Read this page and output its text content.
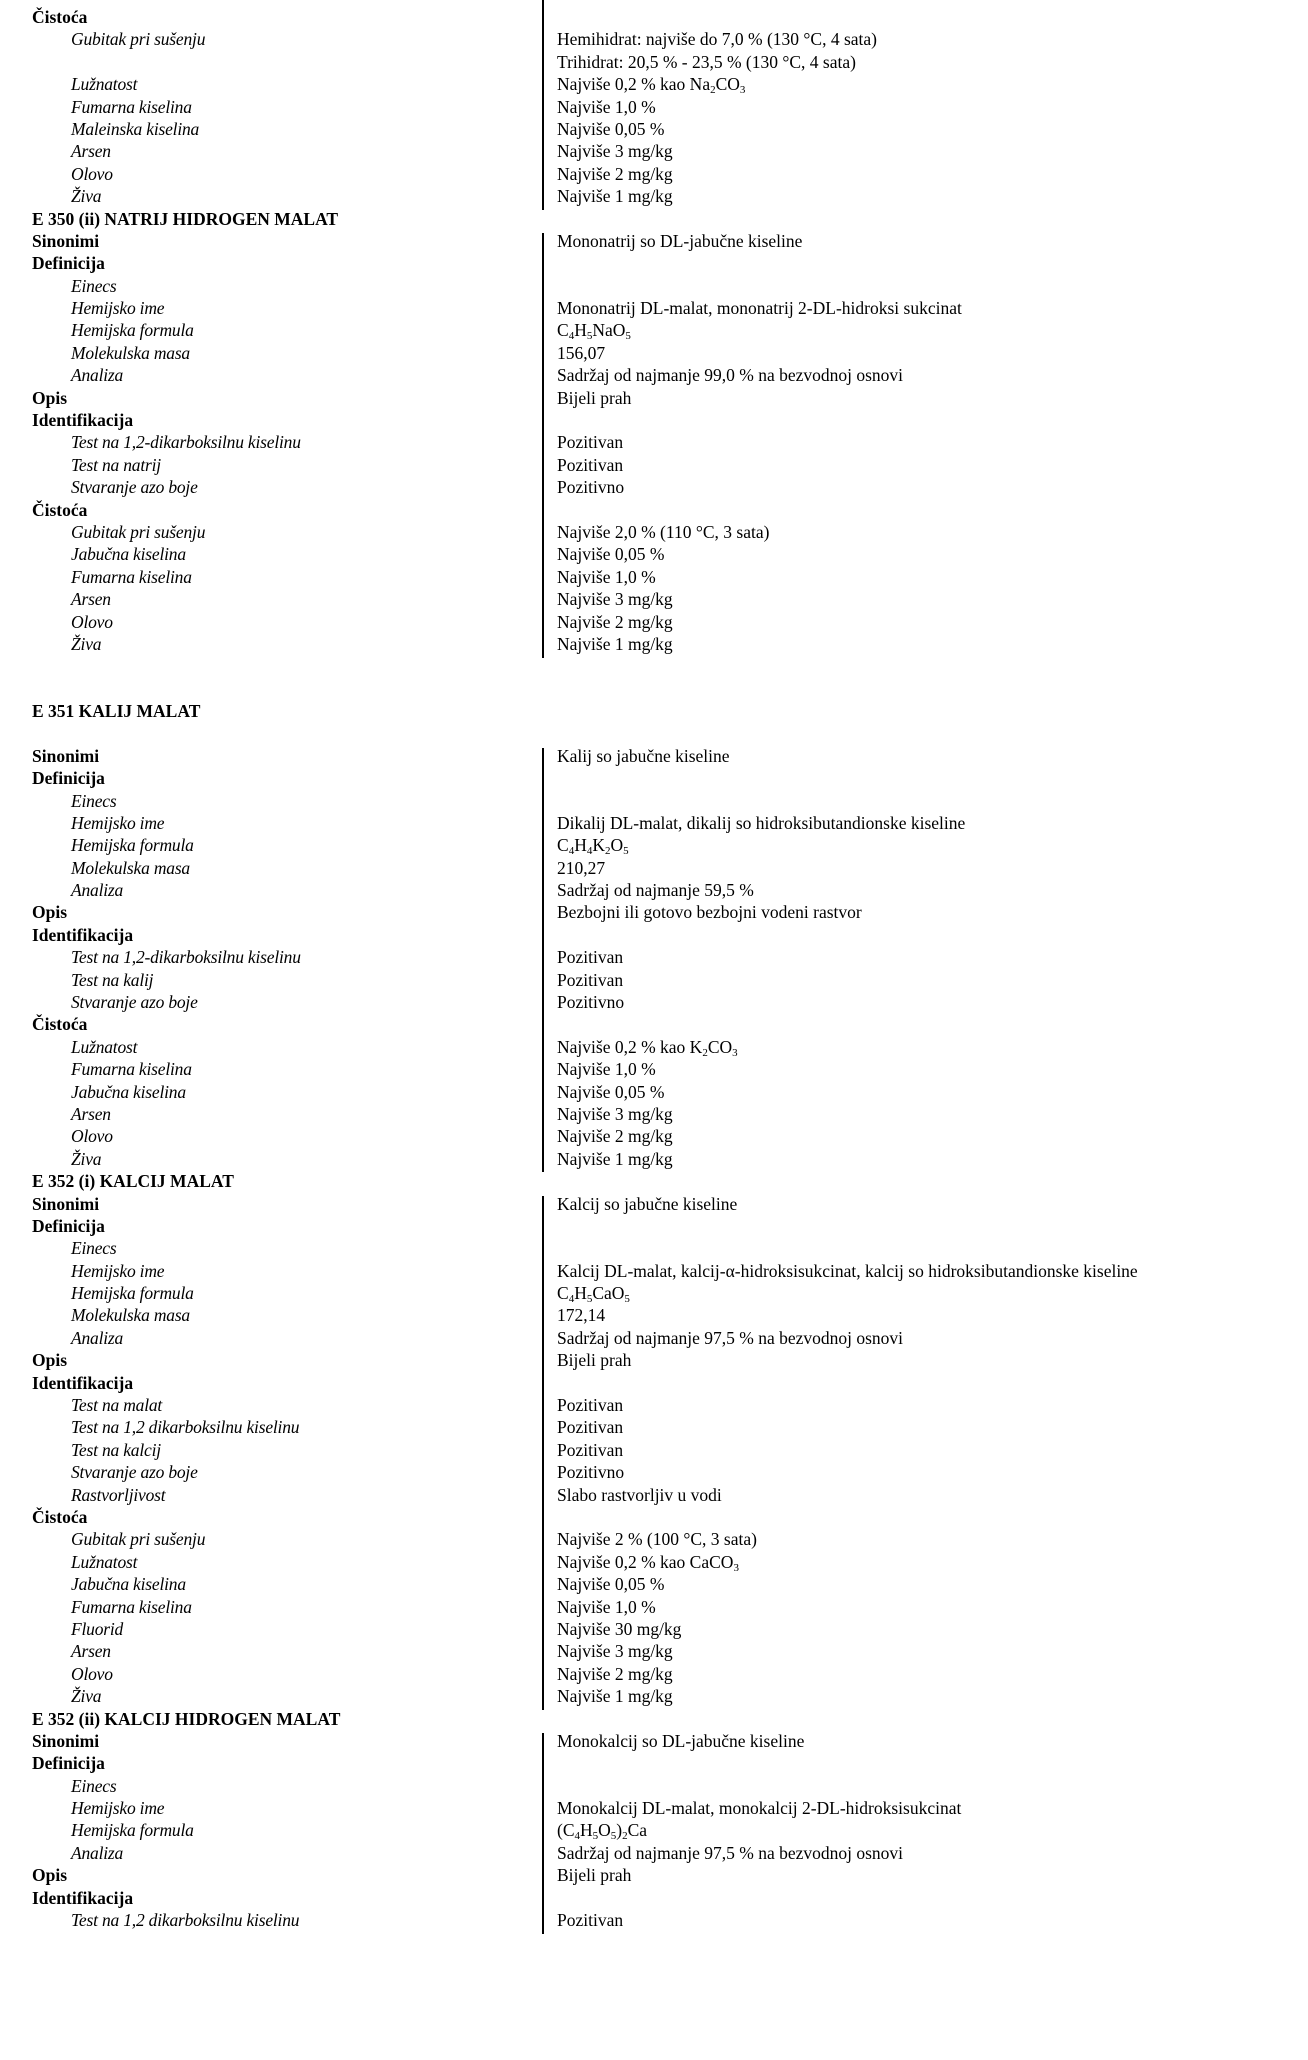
Čistoća
Gubitak pri sušenju	Hemihidrat: najviše do 7,0 % (130 °C, 4 sata)
Trihidrat: 20,5 % - 23,5 % (130 °C, 4 sata)
Lužnatost	Najviše 0,2 % kao $Na_2CO_3$
Fumarna kiselina	Najviše 1,0 %
Maleinska kiselina	Najviše 0,05 %
Arsen	Najviše 3 mg/kg
Olovo	Najviše 2 mg/kg
Živa	Najviše 1 mg/kg
E 350 (ii) NATRIJ HIDROGEN MALAT
Sinonimi	Mononatrij so DL-jabučne kiseline
Definicija
Einecs
Hemijsko ime	Mononatrij DL-malat, mononatrij 2-DL-hidroksi sukcinat
Hemijska formula	$C_4H_5NaO_5$
Molekulska masa	156,07
Analiza	Sadržaj od najmanje 99,0 % na bezvodnoj osnovi
Opis	Bijeli prah
Identifikacija
Test na 1,2-dikarboksilnu kiselinu	Pozitivan
Test na natrij	Pozitivan
Stvaranje azo boje	Pozitivno
Čistoća
Gubitak pri sušenju	Najviše 2,0 % (110 °C, 3 sata)
Jabučna kiselina	Najviše 0,05 %
Fumarna kiselina	Najviše 1,0 %
Arsen	Najviše 3 mg/kg
Olovo	Najviše 2 mg/kg
Živa	Najviše 1 mg/kg
E 351 KALIJ MALAT
Sinonimi	Kalij so jabučne kiseline
Definicija
Einecs
Hemijsko ime	Dikalij DL-malat, dikalij so hidroksibutandionske kiseline
Hemijska formula	$C_4H_4K_2O_5$
Molekulska masa	210,27
Analiza	Sadržaj od najmanje 59,5 %
Opis	Bezbojni ili gotovo bezbojni vodeni rastvor
Identifikacija
Test na 1,2-dikarboksilnu kiselinu	Pozitivan
Test na kalij	Pozitivan
Stvaranje azo boje	Pozitivno
Čistoća
Lužnatost	Najviše 0,2 % kao $K_2CO_3$
Fumarna kiselina	Najviše 1,0 %
Jabučna kiselina	Najviše 0,05 %
Arsen	Najviše 3 mg/kg
Olovo	Najviše 2 mg/kg
Živa	Najviše 1 mg/kg
E 352 (i) KALCIJ MALAT
Sinonimi	Kalcij so jabučne kiseline
Definicija
Einecs
Hemijsko ime	Kalcij DL-malat, kalcij-α-hidroksisukcinat, kalcij so hidroksibutandionske kiseline
Hemijska formula	$C_4H_5CaO_5$
Molekulska masa	172,14
Analiza	Sadržaj od najmanje 97,5 % na bezvodnoj osnovi
Opis	Bijeli prah
Identifikacija
Test na malat	Pozitivan
Test na 1,2 dikarboksilnu kiselinu	Pozitivan
Test na kalcij	Pozitivan
Stvaranje azo boje	Pozitivno
Rastvorljivost	Slabo rastvorljiv u vodi
Čistoća
Gubitak pri sušenju	Najviše 2 % (100 °C, 3 sata)
Lužnatost	Najviše 0,2 % kao CaCO$_3$
Jabučna kiselina	Najviše 0,05 %
Fumarna kiselina	Najviše 1,0 %
Fluorid	Najviše 30 mg/kg
Arsen	Najviše 3 mg/kg
Olovo	Najviše 2 mg/kg
Živa	Najviše 1 mg/kg
E 352 (ii) KALCIJ HIDROGEN MALAT
Sinonimi	Monokalcij so DL-jabučne kiseline
Definicija
Einecs
Hemijsko ime	Monokalcij DL-malat, monokalcij 2-DL-hidroksisukcinat
Hemijska formula	$(C_4H_5O_5)_2Ca$
Analiza	Sadržaj od najmanje 97,5 % na bezvodnoj osnovi
Opis	Bijeli prah
Identifikacija
Test na 1,2 dikarboksilnu kiselinu	Pozitivan
